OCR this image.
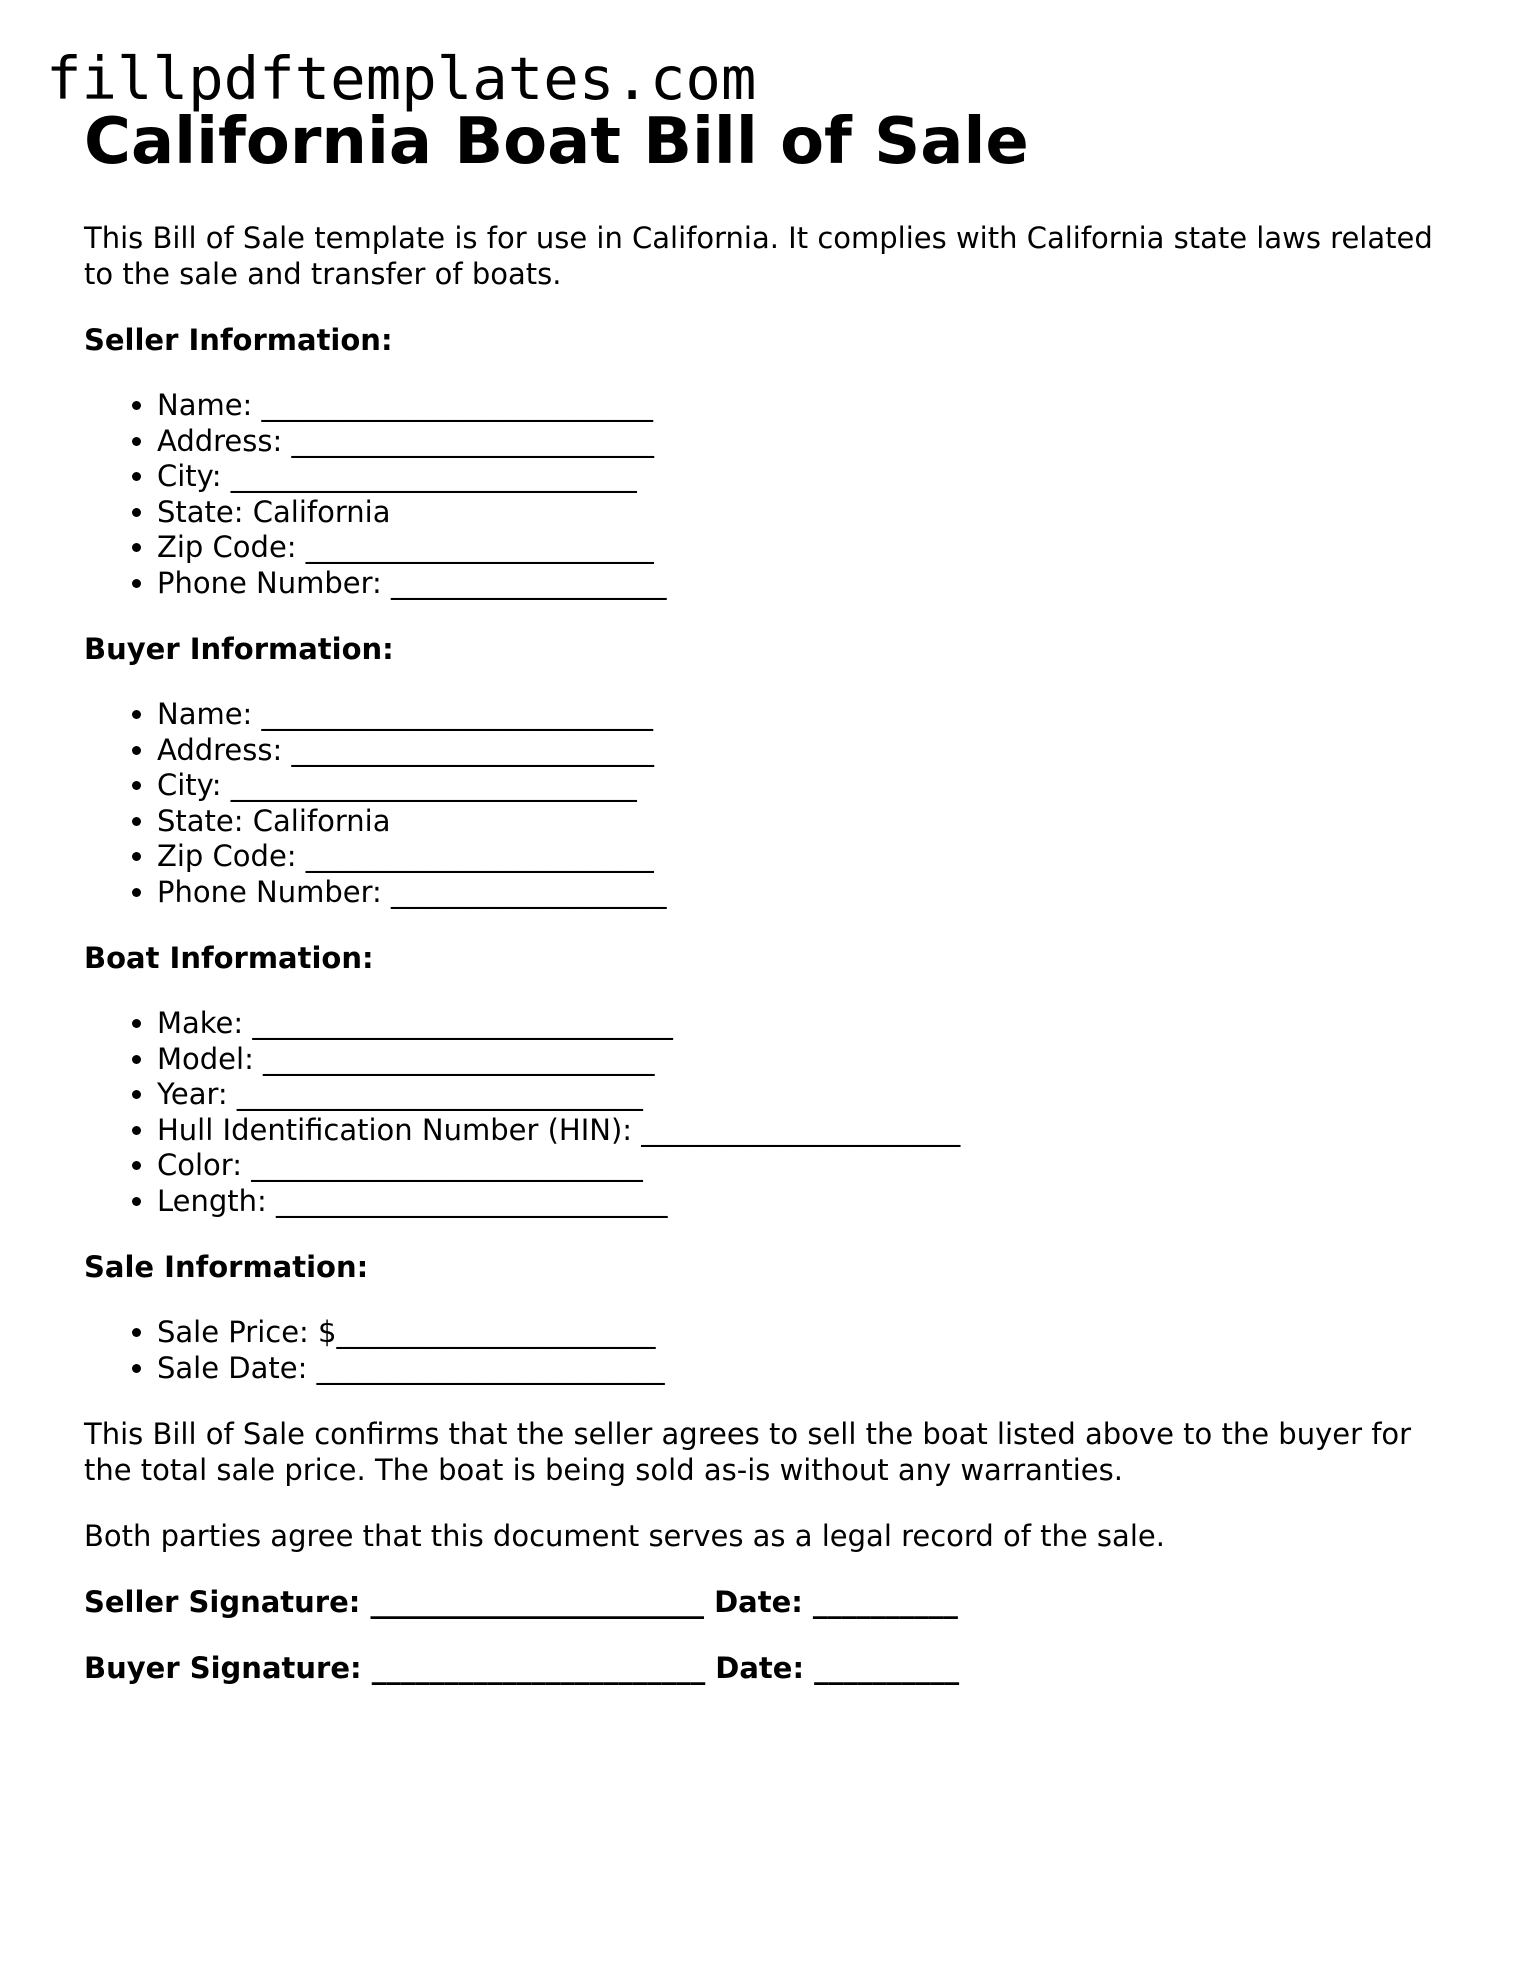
fillpdftemplates.com
California Boat Bill of Sale

This Bill of Sale template is for use in California. It complies with California state laws related to the sale and transfer of boats.

Seller Information:
• Name: ___________________________
• Address: _________________________
• City: ____________________________
• State: California
• Zip Code: ________________________
• Phone Number: ___________________
Buyer Information:
• Name: ___________________________
• Address: _________________________
• City: ____________________________
• State: California
• Zip Code: ________________________
• Phone Number: ___________________
Boat Information:
• Make: _____________________________
• Model: ___________________________
• Year: ____________________________
• Hull Identification Number (HIN): ______________________
• Color: ___________________________
• Length: ___________________________
Sale Information:
• Sale Price: $______________________
• Sale Date: ________________________

This Bill of Sale confirms that the seller agrees to sell the boat listed above to the buyer for the total sale price. The boat is being sold as-is without any warranties.

Both parties agree that this document serves as a legal record of the sale.

Seller Signature: _______________________ Date: __________
Buyer Signature: _______________________ Date: __________
